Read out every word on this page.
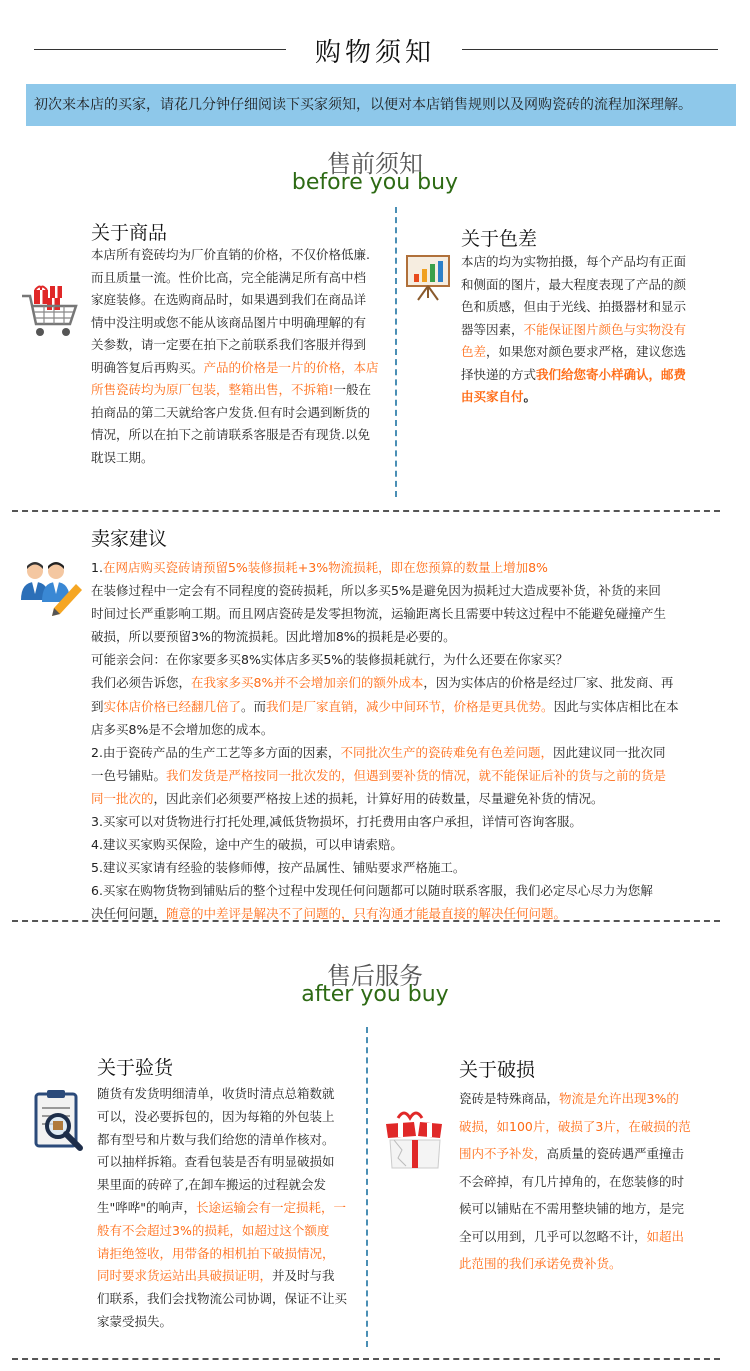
购物须知
初次来本店的买家，请花几分钟仔细阅读下买家须知，以便对本店销售规则以及网购瓷砖的流程加深理解。
售前须知
before you buy
关于商品
本店所有瓷砖均为厂价直销的价格，不仅价格低廉.
而且质量一流。性价比高，完全能满足所有高中档
家庭装修。在选购商品时，如果遇到我们在商品详
情中没注明或您不能从该商品图片中明确理解的有
关参数，请一定要在拍下之前联系我们客服并得到
明确答复后再购买。产品的价格是一片的价格，本店
所售瓷砖均为原厂包装，整箱出售，不拆箱!一般在
拍商品的第二天就给客户发货.但有时会遇到断货的
情况，所以在拍下之前请联系客服是否有现货.以免
耽误工期。
关于色差
本店的均为实物拍摄，每个产品均有正面
和侧面的图片，最大程度表现了产品的颜
色和质感，但由于光线、拍摄器材和显示
器等因素，不能保证图片颜色与实物没有
色差，如果您对颜色要求严格，建议您选
择快递的方式我们给您寄小样确认，邮费
由买家自付。
卖家建议
1.在网店购买瓷砖请预留5%装修损耗+3%物流损耗，即在您预算的数量上增加8%
在装修过程中一定会有不同程度的瓷砖损耗，所以多买5%是避免因为损耗过大造成要补货，补货的来回
时间过长严重影响工期。而且网店瓷砖是发零担物流，运输距离长且需要中转这过程中不能避免碰撞产生
破损，所以要预留3%的物流损耗。因此增加8%的损耗是必要的。
可能亲会问：在你家要多买8%实体店多买5%的装修损耗就行，为什么还要在你家买？
我们必须告诉您，在我家多买8%并不会增加亲们的额外成本，因为实体店的价格是经过厂家、批发商、再
到实体店价格已经翻几倍了。而我们是厂家直销，减少中间环节，价格是更具优势。因此与实体店相比在本
店多买8%是不会增加您的成本。
2.由于瓷砖产品的生产工艺等多方面的因素，不同批次生产的瓷砖难免有色差问题，因此建议同一批次同
一色号铺贴。我们发货是严格按同一批次发的，但遇到要补货的情况，就不能保证后补的货与之前的货是
同一批次的，因此亲们必须要严格按上述的损耗，计算好用的砖数量，尽量避免补货的情况。
3.买家可以对货物进行打托处理,减低货物损坏，打托费用由客户承担，详情可咨询客服。
4.建议买家购买保险，途中产生的破损，可以申请索赔。
5.建议买家请有经验的装修师傅，按产品属性、铺贴要求严格施工。
6.买家在购物货物到铺贴后的整个过程中发现任何问题都可以随时联系客服，我们必定尽心尽力为您解
决任何问题，随意的中差评是解决不了问题的，只有沟通才能最直接的解决任何问题。
售后服务
after you buy
关于验货
随货有发货明细清单，收货时清点总箱数就
可以，没必要拆包的，因为每箱的外包装上
都有型号和片数与我们给您的清单作核对。
可以抽样拆箱。查看包装是否有明显破损如
果里面的砖碎了,在卸车搬运的过程就会发
生"哗哗"的响声，长途运输会有一定损耗，一
般有不会超过3%的损耗，如超过这个额度
请拒绝签收，用带备的相机拍下破损情况，
同时要求货运站出具破损证明，并及时与我
们联系，我们会找物流公司协调，保证不让买
家蒙受损失。
关于破损
瓷砖是特殊商品，物流是允许出现3%的
破损，如100片，破损了3片，在破损的范
围内不予补发，高质量的瓷砖遇严重撞击
不会碎掉，有几片掉角的，在您装修的时
候可以铺贴在不需用整块铺的地方，是完
全可以用到，几乎可以忽略不计，如超出
此范围的我们承诺免费补货。
